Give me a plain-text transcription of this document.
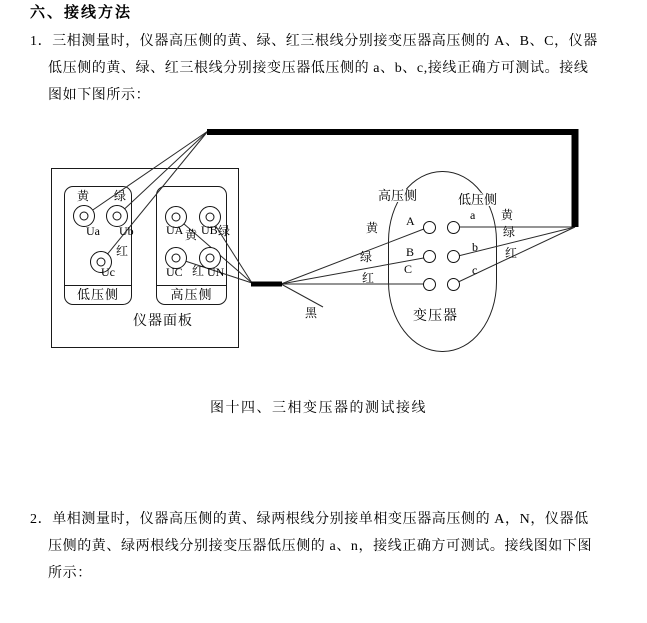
六、接线方法
1．三相测量时，仪器高压侧的黄、绿、红三根线分别接变压器高压侧的 A、B、C，仪器
低压侧的黄、绿、红三根线分别接变压器低压侧的 a、b、c,接线正确方可测试。接线
图如下图所示：
低压侧	高压侧
黄 绿
Ua Ub
红
Uc
UA 黄 UB 绿
UC 红 UN
仪器面板
高压侧	低压侧
A
B
C
a
b
c
黄
绿
红
黄
绿
红
变压器
黑
图十四、三相变压器的测试接线
2．单相测量时，仪器高压侧的黄、绿两根线分别接单相变压器高压侧的 A，N，仪器低
压侧的黄、绿两根线分别接变压器低压侧的 a、n，接线正确方可测试。接线图如下图
所示：
